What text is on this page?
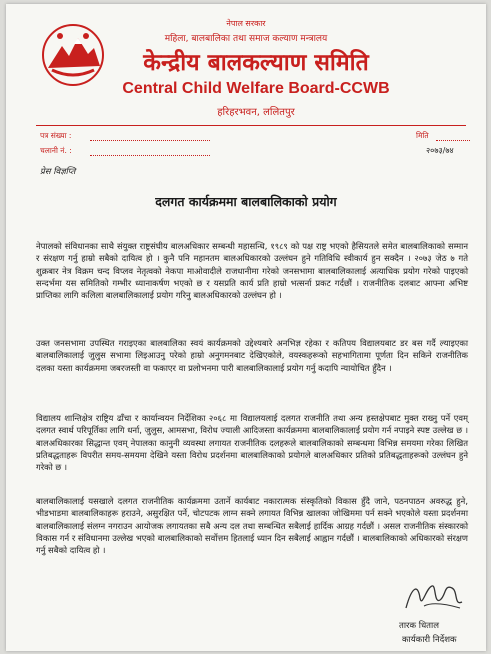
नेपाल सरकार
महिला, बालबालिका तथा समाज कल्याण मन्त्रालय
केन्द्रीय बालकल्याण समिति
Central Child Welfare Board-CCWB
हरिहरभवन, ललितपुर
पत्र संख्या :
चलानी नं. :
मिति
२०७३/७४
प्रेस विज्ञप्ति
दलगत कार्यक्रममा बालबालिकाको प्रयोग

नेपालको संविधानका साथै संयुक्त राष्ट्रसंघीय बालअधिकार सम्बन्धी महासन्धि, १९८९ को पक्ष राष्ट्र भएको हैसियतले समेत बालबालिकाको सम्मान र संरक्षण गर्नु हाम्रो सबैको दायित्व हो । कुनै पनि महानतम बालअधिकारको उल्लंघन हुने गतिविधि स्वीकार्य हुन सक्दैन । २०७३ जेठ ७ गते शुक्रबार नेत्र विक्रम चन्द विप्लव नेतृत्वको नेकपा माओवादीले राजधानीमा गरेको जनसभामा बालबालिकालाई अत्याधिक प्रयोग गरेको पाइएको सन्दर्भमा यस समितिको गम्भीर ध्यानाकर्षण भएको छ र यसप्रति कार्य प्रति हाम्रो भत्सर्ना प्रकट गर्दछौं । राजनीतिक दलबाट आफ्ना अभिष्ट प्राप्तिका लागि कलिला बालबालिकालाई प्रयोग गरिनु बालअधिकारको उल्लंघन हो ।

उक्त जनसभामा उपस्थित गराइएका बालबालिका स्वयं कार्यक्रमको उद्देश्यबारे अनभिज्ञ रहेका र कतिपय विद्यालयबाट डर बस गर्दै ल्याइएका बालबालिकालाई जुलुस सभामा लिइआउनु परेको हाम्रो अनुगमनबाट देखिएकोले, वयस्कहरूको सहभागितामा पूर्णता दिन सकिने राजनीतिक दलका यस्ता कार्यक्रममा जबरजस्ती वा फकाएर वा प्रलोभनमा पारी बालबालिकालाई प्रयोग गर्नु कदापि न्यायोचित हुँदैन ।

विद्यालय शान्तिक्षेत्र राष्ट्रिय ढाँचा र कार्यान्वयन निर्देशिका २०६८ मा विद्यालयलाई दलगत राजनीति तथा अन्य हस्तक्षेपबाट मुक्त राख्नु पर्ने एवम् दलगत स्वार्थ परिपूर्तिका लागि धर्ना, जुलुस, आमसभा, विरोध ज्याली आदिजस्ता कार्यक्रममा बालबालिकालाई प्रयोग गर्न नपाइने स्पष्ट उल्लेख छ । बालअधिकारका सिद्धान्त एवम् नेपालका कानुनी व्यवस्था लगायत राजनीतिक दलहरूले बालबालिकाको सम्बन्धमा विभिन्न समयमा गरेका लिखित प्रतिबद्धताहरू विपरीत समय-समयमा देखिने यस्ता विरोध प्रदर्शनमा बालबालिकाको प्रयोगले बालअधिकार प्रतिको प्रतिबद्धताहरूको उल्लंघन हुने गरेको छ ।

बालबालिकालाई यसखाले दलगत राजनीतिक कार्यक्रममा उतार्ने कार्यबाट नकारात्मक संस्कृतिको विकास हुँदै जाने, पठनपाठन अवरुद्ध हुने, भीडभाडमा बालबालिकाहरू हराउने, असुरक्षित पर्ने, चोटपटक लाग्न सक्ने लगायत विभिन्न खालका जोखिममा पर्न सक्ने भएकोले यस्ता प्रदर्शनमा बालबालिकालाई संलग्न नगराउन आयोजक लगायतका सबै अन्य दल तथा सम्बन्धित सबैलाई हार्दिक आग्रह गर्दछौं । असल राजनीतिक संस्कारको विकास गर्न र संविधानमा उल्लेख भएको बालबालिकाको सर्वोत्तम हितलाई ध्यान दिन सबैलाई आह्वान गर्दछौं । बालबालिकाको अधिकारको संरक्षण गर्नु सबैको दायित्व हो ।

तारक धिताल
कार्यकारी निर्देशक
